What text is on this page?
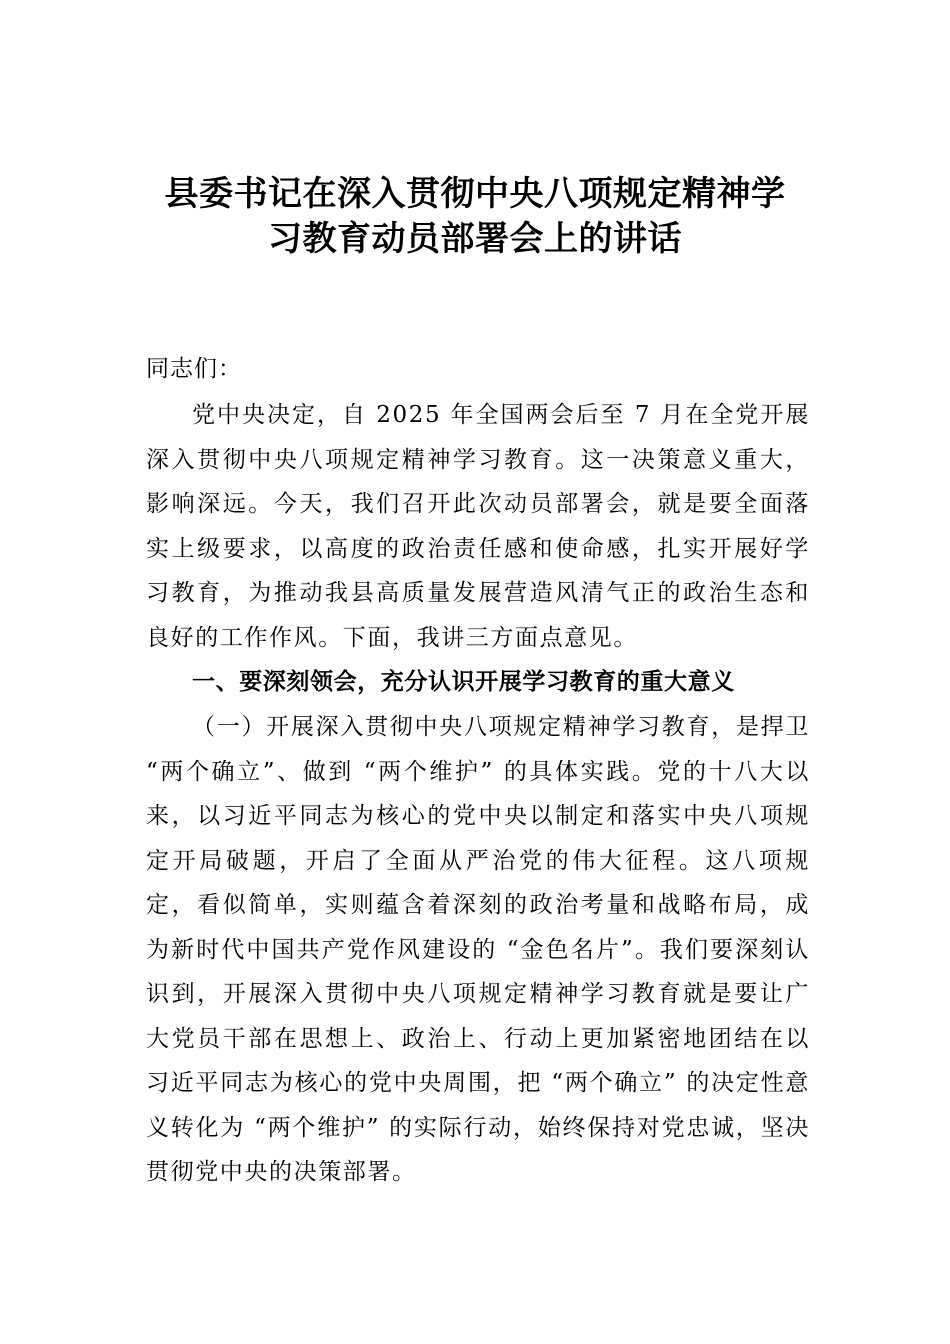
县委书记在深入贯彻中央八项规定精神学
习教育动员部署会上的讲话
同志们：

党中央决定，自 2025 年全国两会后至 7 月在全党开展深入贯彻中央八项规定精神学习教育。这一决策意义重大，影响深远。今天，我们召开此次动员部署会，就是要全面落实上级要求，以高度的政治责任感和使命感，扎实开展好学习教育，为推动我县高质量发展营造风清气正的政治生态和良好的工作作风。下面，我讲三方面点意见。

一、要深刻领会，充分认识开展学习教育的重大意义

（一）开展深入贯彻中央八项规定精神学习教育，是捍卫 “两个确立”、做到 “两个维护” 的具体实践。党的十八大以来，以习近平同志为核心的党中央以制定和落实中央八项规定开局破题，开启了全面从严治党的伟大征程。这八项规定，看似简单，实则蕴含着深刻的政治考量和战略布局，成为新时代中国共产党作风建设的 “金色名片”。我们要深刻认识到，开展深入贯彻中央八项规定精神学习教育就是要让广大党员干部在思想上、政治上、行动上更加紧密地团结在以习近平同志为核心的党中央周围，把 “两个确立” 的决定性意义转化为 “两个维护” 的实际行动，始终保持对党忠诚，坚决贯彻党中央的决策部署。
